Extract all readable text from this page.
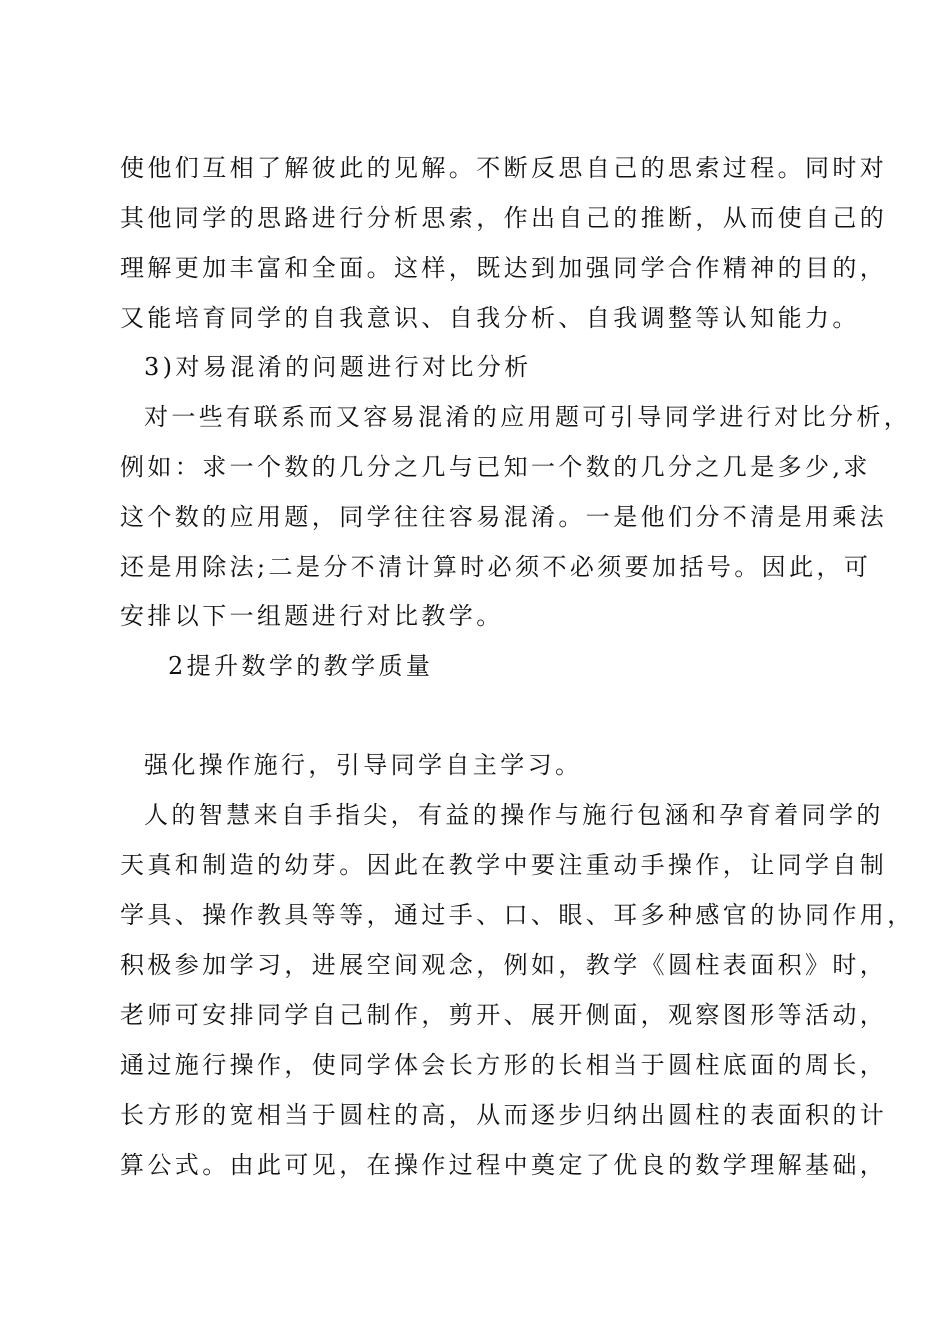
使他们互相了解彼此的见解。不断反思自己的思索过程。同时对
其他同学的思路进行分析思索，作出自己的推断，从而使自己的
理解更加丰富和全面。这样，既达到加强同学合作精神的目的，
又能培育同学的自我意识、自我分析、自我调整等认知能力。
3)对易混淆的问题进行对比分析
对一些有联系而又容易混淆的应用题可引导同学进行对比分析，
例如：求一个数的几分之几与已知一个数的几分之几是多少,求
这个数的应用题，同学往往容易混淆。一是他们分不清是用乘法
还是用除法;二是分不清计算时必须不必须要加括号。因此，可
安排以下一组题进行对比教学。
2提升数学的教学质量
强化操作施行，引导同学自主学习。
人的智慧来自手指尖，有益的操作与施行包涵和孕育着同学的
天真和制造的幼芽。因此在教学中要注重动手操作，让同学自制
学具、操作教具等等，通过手、口、眼、耳多种感官的协同作用，
积极参加学习，进展空间观念，例如，教学《圆柱表面积》时，
老师可安排同学自己制作，剪开、展开侧面，观察图形等活动，
通过施行操作，使同学体会长方形的长相当于圆柱底面的周长，
长方形的宽相当于圆柱的高，从而逐步归纳出圆柱的表面积的计
算公式。由此可见，在操作过程中奠定了优良的数学理解基础，
